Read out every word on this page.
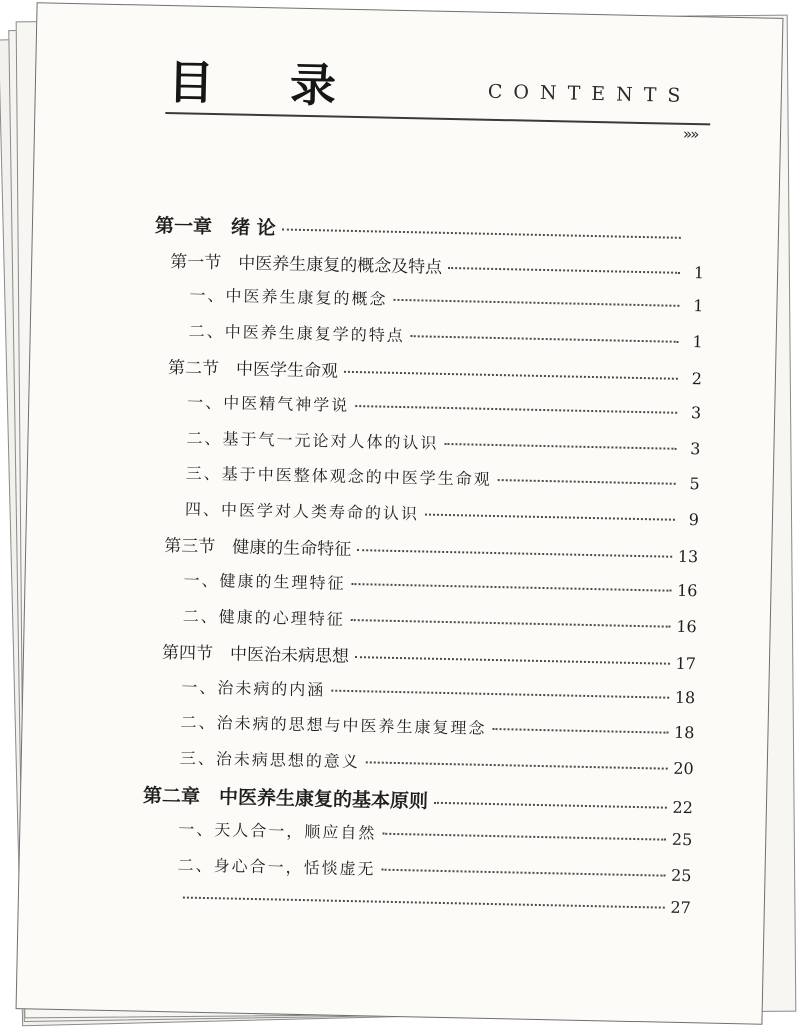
目 录	CONTENTS
»»
第一章　绪 论
第一节　中医养生康复的概念及特点	1
一、中医养生康复的概念	1
二、中医养生康复学的特点	1
第二节　中医学生命观	2
一、中医精气神学说	3
二、基于气一元论对人体的认识	3
三、基于中医整体观念的中医学生命观	5
四、中医学对人类寿命的认识	9
第三节　健康的生命特征	13
一、健康的生理特征	16
二、健康的心理特征	16
第四节　中医治未病思想	17
一、治未病的内涵	18
二、治未病的思想与中医养生康复理念	18
三、治未病思想的意义	20
第二章　中医养生康复的基本原则	22
一、天人合一，顺应自然	25
二、身心合一，恬惔虚无	25
27
